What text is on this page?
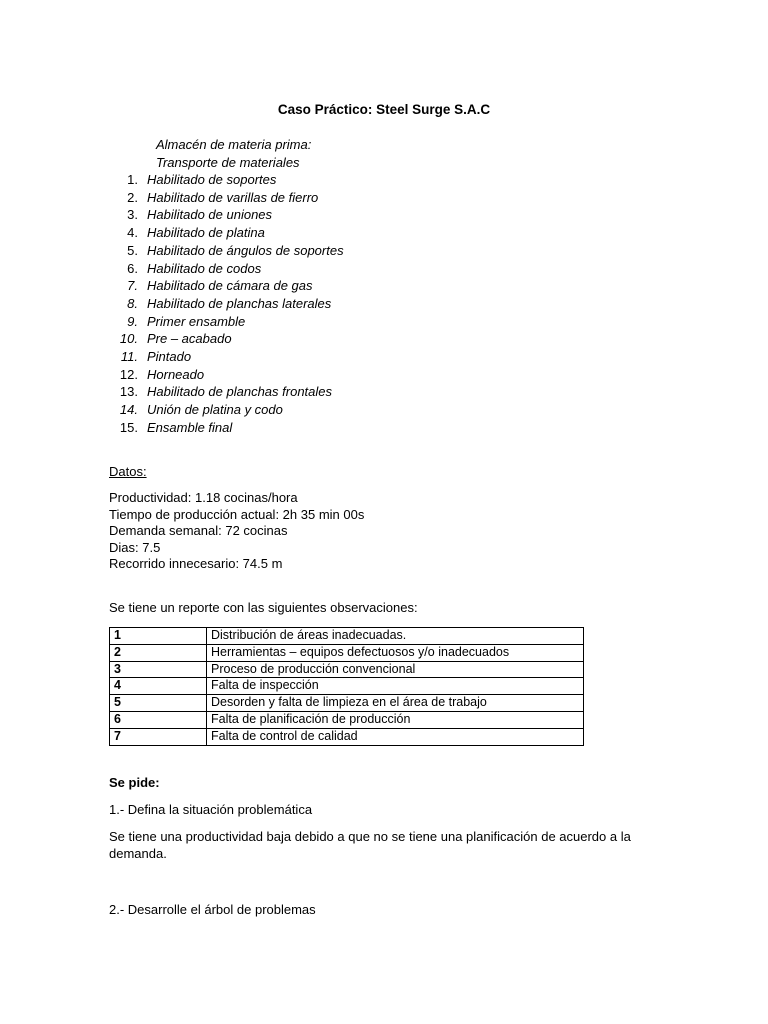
Caso Práctico: Steel Surge S.A.C
Almacén de materia prima:
Transporte de materiales
1. Habilitado de soportes
2. Habilitado de varillas de fierro
3. Habilitado de uniones
4. Habilitado de platina
5. Habilitado de ángulos de soportes
6. Habilitado de codos
7. Habilitado de cámara de gas
8. Habilitado de planchas laterales
9. Primer ensamble
10. Pre – acabado
11. Pintado
12. Horneado
13. Habilitado de planchas frontales
14. Unión de platina y codo
15. Ensamble final
Datos:
Productividad: 1.18 cocinas/hora
Tiempo de producción actual: 2h 35 min 00s
Demanda semanal: 72 cocinas
Dias: 7.5
Recorrido innecesario: 74.5 m
Se tiene un reporte con las siguientes observaciones:
1	Distribución de áreas inadecuadas.
2	Herramientas – equipos defectuosos y/o inadecuados
3	Proceso de producción convencional
4	Falta de inspección
5	Desorden y falta de limpieza en el área de trabajo
6	Falta de planificación de producción
7	Falta de control de calidad
Se pide:
1.- Defina la situación problemática
Se tiene una productividad baja debido a que no se tiene una planificación de acuerdo a la demanda.
2.- Desarrolle el árbol de problemas
